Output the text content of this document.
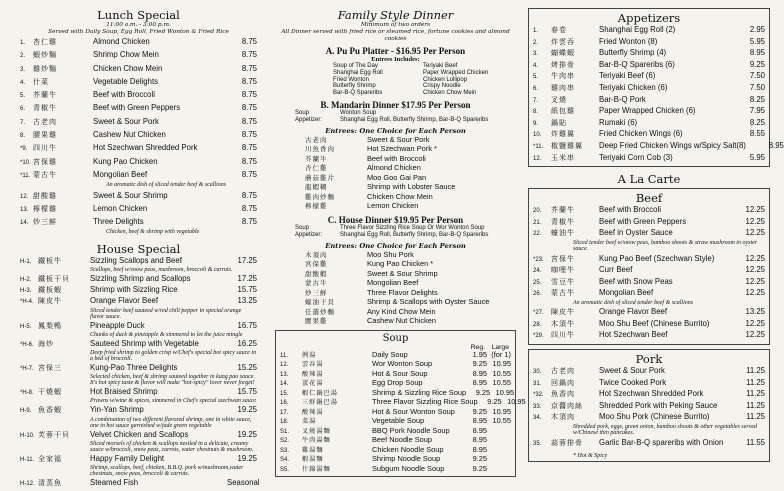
Lunch Special
11:00 a.m. - 3:00 p.m.
Served with Daily Soup, Egg Roll, Fried Wonton & Fried Rice
1.	杏仁雞	Almond Chicken	8.75
2.	蝦炒麵	Shrimp Chow Mein	8.75
3.	雞炒麵	Chicken Chow Mein	8.75
4.	什菜	Vegetable Delights	8.75
5.	芥蘭牛	Beef with Broccoli	8.75
6.	青椒牛	Beef with Green Peppers	8.75
7.	古老肉	Sweet & Sour Pork	8.75
8.	腰果雞	Cashew Nut Chicken	8.75
*9. 四川牛	Hot Szechwan Shredded Pork	8.75
*10. 宮保雞	Kung Pao Chicken	8.75
*11. 蒙古牛	Mongolian Beef	8.75
An aromatic dish of sliced tender beef & scallions
12. 甜酸雞	Sweet & Sour Shrimp	8.75
13. 檸檬雞	Lemon Chicken	8.75
14. 炒三鮮	Three Delights	8.75
Chicken, beef & shrimp with vegetable
House Special
H-1. 鐵板牛	Sizzling Scallops and Beef	17.25
Scallops, beef w/snow peas, mushroom, broccoli & carrots.
H-2. 鐵板干貝	Sizzling Shrimp and Scallops	17.25
H-3. 鐵板蝦	Shrimp with Sizzling Rice	15.75
*H-4. 陳皮牛	Orange Flavor Beef	13.25
Sliced tender beef sauteed w/red chili pepper in special orange flavor sauce.
H-5. 鳳梨鴨	Pineapple Duck	16.75
Chunks of duck & pineapple & simmered to let the juice mingle
*H-6. 海炒	Sauteed Shrimp with Vegetable	16.25
Deep fried shrimp to golden crisp w/Chef's special hot spicy sauce in a bed of broccoli.
*H-7. 宮保三	Kung-Pao Three Delights	15.25
Selected chicken, beef & shrimp sauteed together in kung pao sauce. It's hot spicy taste & flavor will make "hot-spicy" lover never forget!
*H-8. 干燒蝦	Hot Braised Shrimp	15.75
Prawns w/wine & spices, simmered in Chef's special szechwan sauce
H-9. 魚香蝦	Yin-Yan Shrimp	19.25
A combination of two different flavored shrimp, one in white sauce, one in hot sauce garnished w/jade green vegetable
H-10. 芙蓉干貝	Velvet Chicken and Scallops	19.25
Sliced morsels of chicken & scallops nestled in a delicate, creamy sauce w/broccoli, snow peas, carrots, water chestnuts & mushroom.
H-11. 全家福	Happy Family Delight	19.25
Shrimp, scallops, beef, chicken, B.B.Q. pork w/mushroom,water chestnuts, snow peas, broccoli & carrots.
H-12. 清蒸魚	Steamed Fish	Seasonal
Family Style Dinner
Minimum of two orders
All Dinner served with fried rice or steamed rice, fortune cookies and almond cookies
A. Pu Pu Platter - $16.95 Per Person
Entrees Includes:
Soup of The Day
Shanghai Egg Roll
Fried Wonton
Butterfly Shrimp
Bar-B-Q Spareribs
Teriyaki Beef
Paper Wrapped Chicken
Chicken Lollipop
Crispy Noodle
Chicken Chow Mein
B. Mandarin Dinner $17.95 Per Person
Soup	Wonton Soup
Appetizer:	Shanghai Egg Roll, Butterfly Shrimp, Bar-B-Q Spareribs
Entrees: One Choice for Each Person
古老肉	Sweet & Sour Pork
川魚香肉	Hot Szechwan Pork *
芥蘭牛	Beef with Broccoli
杏仁雞	Almond Chicken
蘑菇雞片	Moo Goo Gai Pan
龍蝦糊	Shrimp with Lobster Sauce
雞肉炒麵	Chicken Chow Mein
檸檬雞	Lemon Chicken
C. House Dinner $19.95 Per Person
Soup	Three Flavor Sizzling Rice Soup Or Wor Wonton Soup
Appetizer:	Shanghai Egg Roll, Butterfly Shrimp, Bar-B-Q Spareribs
Entrees: One Choice for Each Person
木須肉	Moo Shu Pork
宮保雞	Kung Pao Chicken *
甜酸蝦	Sweet & Sour Shrimp
蒙古牛	Mongolian Beef
炒三鮮	Three Flavor Delights
蠔油干貝	Shrimp & Scallops with Oyster Sauce
任選炒麵	Any Kind Chow Mein
腰果雞	Cashew Nut Chicken
Soup
Reg. Large
11.	例湯	Daily Soup	1.95 (for 1)
12.	雲吞湯	Wor Wonton Soup	9.25 10.95
13.	酸辣湯	Hot & Sour Soup	8.95 10.55
14.	蛋花湯	Egg Drop Soup	8.95 10.55
15.	蝦仁鍋巴湯	Shrimp & Sizzling Rice Soup	9.25 10.95
16.	三鮮鍋巴湯	Three Flavor Sizzling Rice Soup	9.25 10.95
17.	酸辣湯	Hot & Sour Wonton Soup	9.25 10.95
18.	菜湯	Vegetable Soup	8.95 10.55
S1.	叉燒湯麵	BBQ Pork Noodle Soup	8.95
S2.	牛肉湯麵	Beef Noodle Soup	8.95
S3.	雞湯麵	Chicken Noodle Soup	8.95
S4.	蝦湯麵	Shrimp Noodle Soup	9.25
S5.	什錦湯麵	Subgum Noodle Soup	9.25
Appetizers
1.	春卷	Shanghai Egg Roll (2)	2.95
2.	炸雲吞	Fried Wonton (8)	5.95
3.	蝴蝶蝦	Butterfly Shrimp (4)	8.95
4.	烤排骨	Bar-B-Q Spareribs (6)	9.25
5.	牛肉串	Teriyaki Beef (6)	7.50
6.	雞肉串	Teriyaki Chicken (6)	7.50
7.	叉燒	Bar-B-Q Pork	8.25
8.	紙包雞	Paper Wrapped Chicken (6)	7.95
9.	鍋貼	Rumaki (6)	8.25
10.	炸雞翼	Fried Chicken Wings (6)	8.55
*11.	椒鹽雞翼	Deep Fried Chicken Wings w/Spicy Salt(8)	8.95
12.	玉米串	Teriyaki Corn Cob (3)	5.95
A La Carte
Beef
20.	芥蘭牛	Beef with Broccoli	12.25
21.	青椒牛	Beef with Green Peppers	12.25
22.	蠔油牛	Beef in Oyster Sauce	12.25
Sliced tender beef w/snow peas, bamboo shoots & straw mushroom in oyster sauce.
*23.	宮保牛	Kung Pao Beef (Szechwan Style)	12.25
24.	咖哩牛	Curr Beef	12.25
25.	雪豆牛	Beef with Snow Peas	12.25
26.	蒙古牛	Mongolian Beef	12.25
An aromatic dish of sliced tender beef & scallions
*27.	陳皮牛	Orange Flavor Beef	13.25
28.	木須牛	Moo Shu Beef (Chinese Burrito)	12.25
*29.	四川牛	Hot Szechwan Beef	12.25
Pork
30.	古老肉	Sweet & Sour Pork	11.25
31.	回鍋肉	Twice Cooked Pork	11.25
*32.	魚香肉	Hot Szechwan Shredded Pork	11.25
33.	京醬肉絲	Shredded Pork with Peking Sauce	11.25
34.	木須肉	Moo Shu Pork (Chinese Burrito)	11.25
Shredded pork, eggs, green onion, bamboo shoots & other vegetables served w/Chinese thin pancakes.
35.	蒜蓉排骨	Garlic Bar-B-Q spareribs with Onion	11.55
* Hot & Spicy
